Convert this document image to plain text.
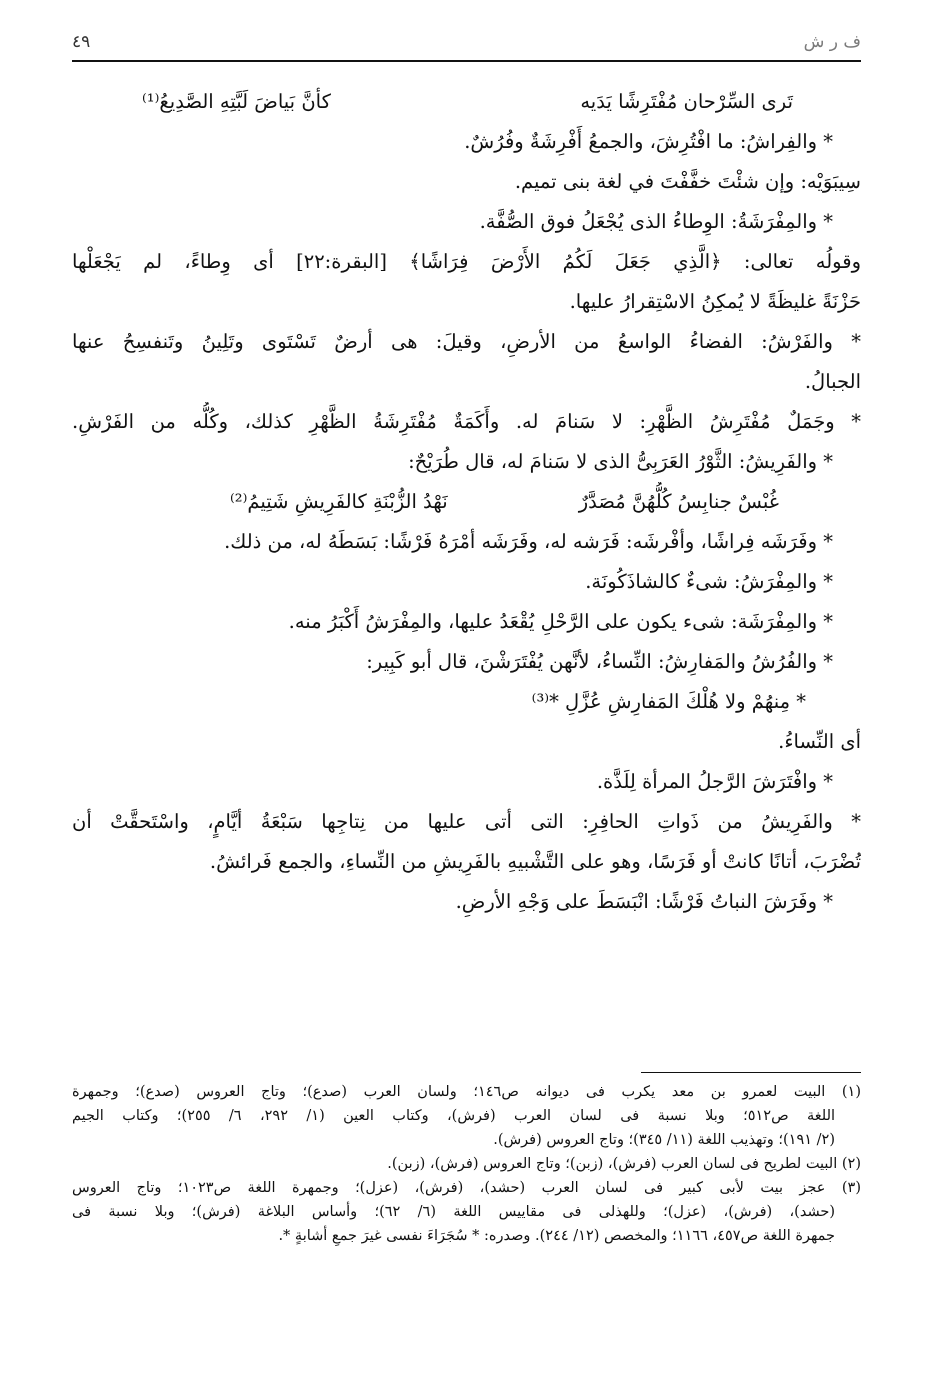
ف ر ش
٤٩
تَرى السِّرْحان مُفْتَرِشًا يَدَيه
كأنَّ بَياضَ لَبَّتِهِ الصَّدِيعُ⁽¹⁾
* والفِراشُ: ما افْتُرِشَ، والجمعُ أَفْرِشَةٌ وفُرُشٌ.
سِيبَوَيْه: وإن شئْتَ خفَّفْتَ في لغة بنى تميم.
* والمِفْرَشَةُ: الوِطاءُ الذى يُجْعَلُ فوق الصُّفَّة.
وقولُه تعالى: ﴿الَّذِي جَعَلَ لَكُمُ الأَرْضَ فِرَاشًا﴾ [البقرة:٢٢] أى وِطاءً، لم يَجْعَلْها
حَزْنَةً غليظَةً لا يُمكِنُ الاسْتِقرارُ عليها.
* والفَرْشُ: الفضاءُ الواسعُ من الأرضِ، وقيلَ: هى أرضٌ تَسْتَوى وتَلِينُ وتَنفسِحُ عنها
الجبالُ.
* وجَمَلٌ مُفْتَرِشُ الظَّهْرِ: لا سَنامَ له. وأَكَمَةٌ مُفْتَرِشَةُ الظَّهْرِ كذلك، وكُلُّه من الفَرْشِ.
* والفَرِيشُ: الثَّوْرُ العَرَبِىُّ الذى لا سَنامَ له، قال طُرَيْحٌ:
غُبْسٌ جنابِسُ كُلُّهُنَّ مُصَدَّرٌ
نَهْدُ الزُّبْنَةِ كالفَرِيشِ شَتِيمُ⁽²⁾
* وفَرَشَه فِراشًا، وأفْرشَه: فَرَشه له، وفَرَشَه أمْرَهُ فَرْشًا: بَسَطَهُ له، من ذلك.
* والمِفْرَشُ: شىءٌ كالشاذَكُونَة.
* والمِفْرَشَة: شىء يكون على الرَّحْلِ يُقْعَدُ عليها، والمِفْرَشُ أَكْبَرُ منه.
* والفُرُشُ والمَفارِشُ: النِّساءُ، لأنَّهن يُفْتَرَشْنَ، قال أبو كَبِير:
* مِنهُمْ ولا هُلْكَ المَفارِشِ عُزَّلِ *⁽³⁾
أى النِّساءُ.
* وافْتَرَشَ الرَّجلُ المرأة لِلَذَّة.
* والفَرِيشُ من ذَواتِ الحافِرِ: التى أتى عليها من نِتاجِها سَبْعَةُ أيَّامٍ، واسْتَحقَّتْ أن
تُضْرَبَ، أتانًا كانتْ أو فَرَسًا، وهو على التَّشْبيهِ بالفَرِيشِ من النِّساءِ، والجمع فَرائشُ.
* وفَرَشَ النباتُ فَرْشًا: انْبَسَطَ على وَجْهِ الأرضِ.
(١) البيت لعمرو بن معد يكرب فى ديوانه ص١٤٦؛ ولسان العرب (صدع)؛ وتاج العروس (صدع)؛ وجمهرة
اللغة ص٥١٢؛ وبلا نسبة فى لسان العرب (فرش)، وكتاب العين (١/ ٢٩٢، ٦/ ٢٥٥)؛ وكتاب الجيم
(٢/ ١٩١)؛ وتهذيب اللغة (١١/ ٣٤٥)؛ وتاج العروس (فرش).
(٢) البيت لطريح فى لسان العرب (فرش)، (زبن)؛ وتاج العروس (فرش)، (زبن).
(٣) عجز بيت لأبى كبير فى لسان العرب (حشد)، (فرش)، (عزل)؛ وجمهرة اللغة ص١٠٢٣؛ وتاج العروس
(حشد)، (فرش)، (عزل)؛ وللهذلى فى مقاييس اللغة (٦/ ٦٢)؛ وأساس البلاغة (فرش)؛ وبلا نسبة فى
جمهرة اللغة ص٤٥٧، ١١٦٦؛ والمخصص (١٢/ ٢٤٤). وصدره: * سُجَرَاءَ نفسى غيرَ جمعِ أشابةٍ *.
